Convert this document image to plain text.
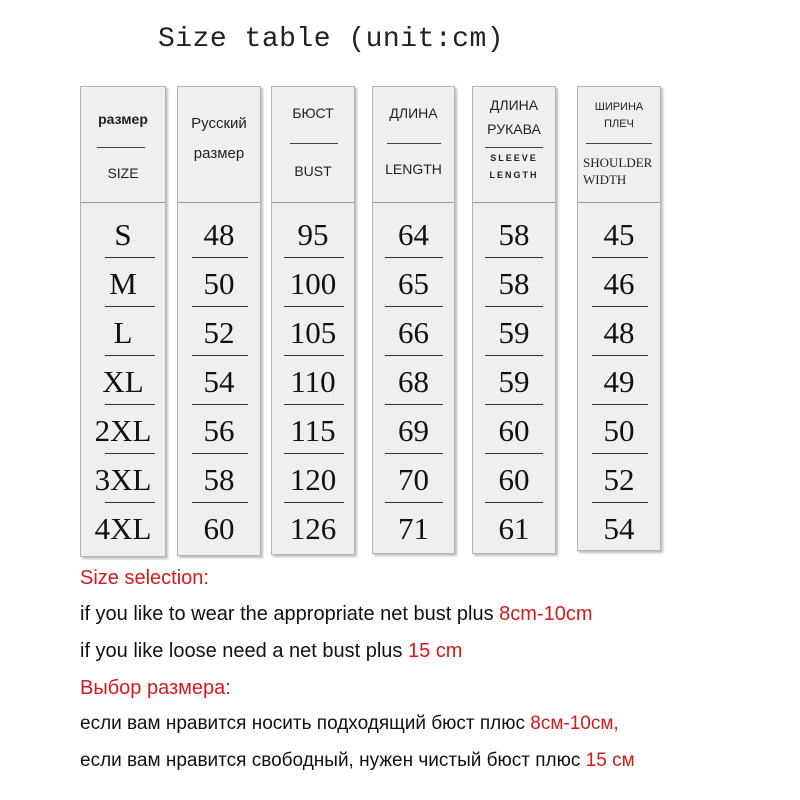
Size table (unit:cm)
размер
SIZE
S
M
L
XL
2XL
3XL
4XL
Русский
размер
48
50
52
54
56
58
60
БЮСТ
BUST
95
100
105
110
115
120
126
ДЛИНА
LENGTH
64
65
66
68
69
70
71
ДЛИНА
РУКАВА
SLEEVE
LENGTH
58
58
59
59
60
60
61
ШИРИНА
ПЛЕЧ
SHOULDER
WIDTH
45
46
48
49
50
52
54
Size selection:
if you like to wear the appropriate net bust plus 8cm-10cm
if you like loose need a net bust plus 15 cm
Выбор размера:
если вам нравится носить подходящий бюст плюс 8см-10см,
если вам нравится свободный, нужен чистый бюст плюс 15 см
